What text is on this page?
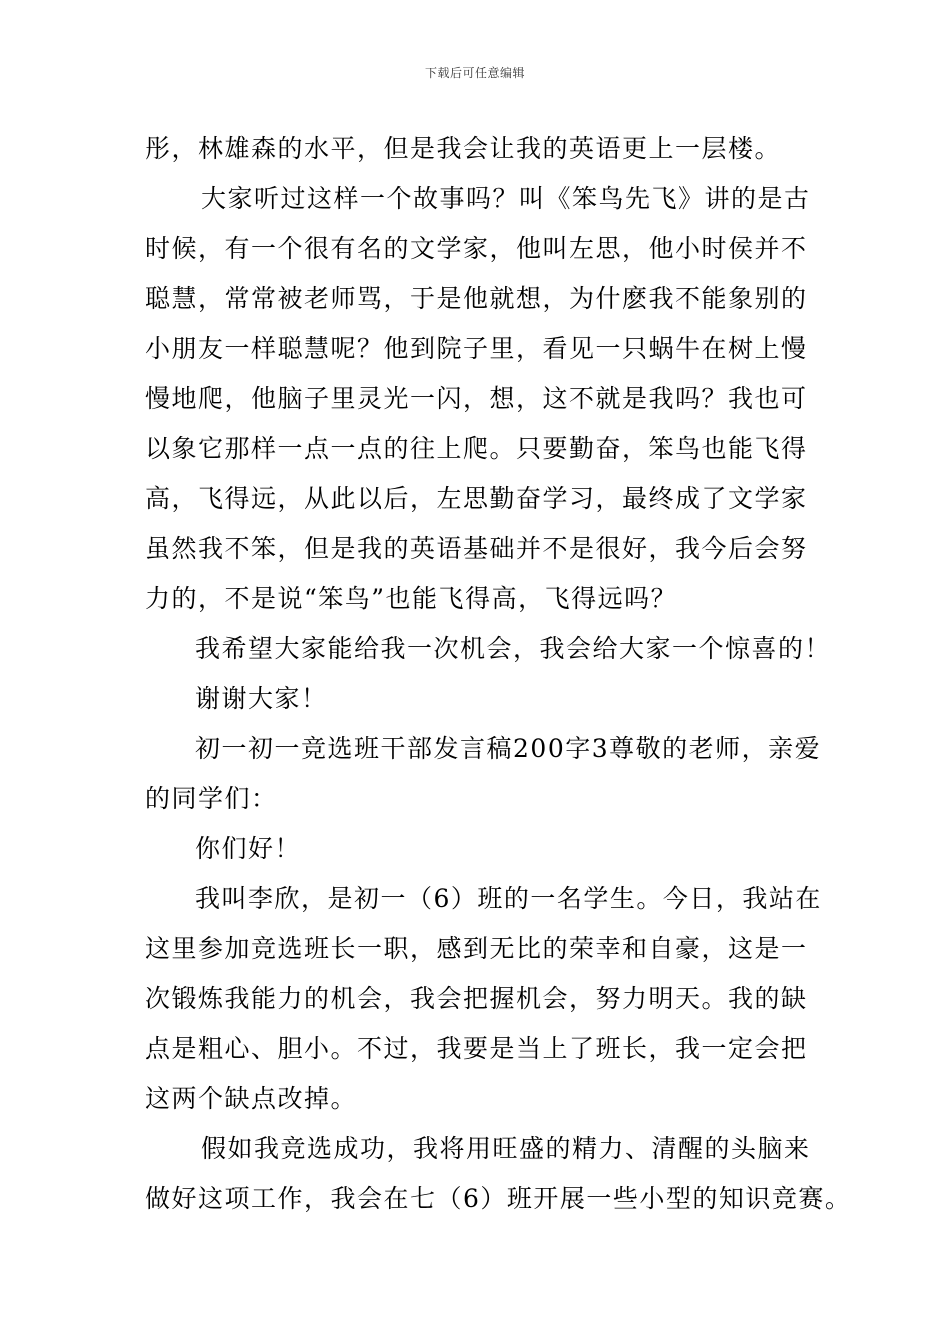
下载后可任意编辑
彤，林雄森的水平，但是我会让我的英语更上一层楼。
大家听过这样一个故事吗？叫《笨鸟先飞》讲的是古
时候，有一个很有名的文学家，他叫左思，他小时侯并不
聪慧，常常被老师骂，于是他就想，为什麽我不能象别的
小朋友一样聪慧呢？他到院子里，看见一只蜗牛在树上慢
慢地爬，他脑子里灵光一闪，想，这不就是我吗？我也可
以象它那样一点一点的往上爬。只要勤奋，笨鸟也能飞得
高，飞得远，从此以后，左思勤奋学习，最终成了文学家
虽然我不笨，但是我的英语基础并不是很好，我今后会努
力的，不是说“笨鸟”也能飞得高，飞得远吗？
我希望大家能给我一次机会，我会给大家一个惊喜的！
谢谢大家！
初一初一竞选班干部发言稿200字3尊敬的老师，亲爱
的同学们：
你们好！
我叫李欣，是初一（6）班的一名学生。今日，我站在
这里参加竞选班长一职，感到无比的荣幸和自豪，这是一
次锻炼我能力的机会，我会把握机会，努力明天。我的缺
点是粗心、胆小。不过，我要是当上了班长，我一定会把
这两个缺点改掉。
假如我竞选成功，我将用旺盛的精力、清醒的头脑来
做好这项工作，我会在七（6）班开展一些小型的知识竞赛。
